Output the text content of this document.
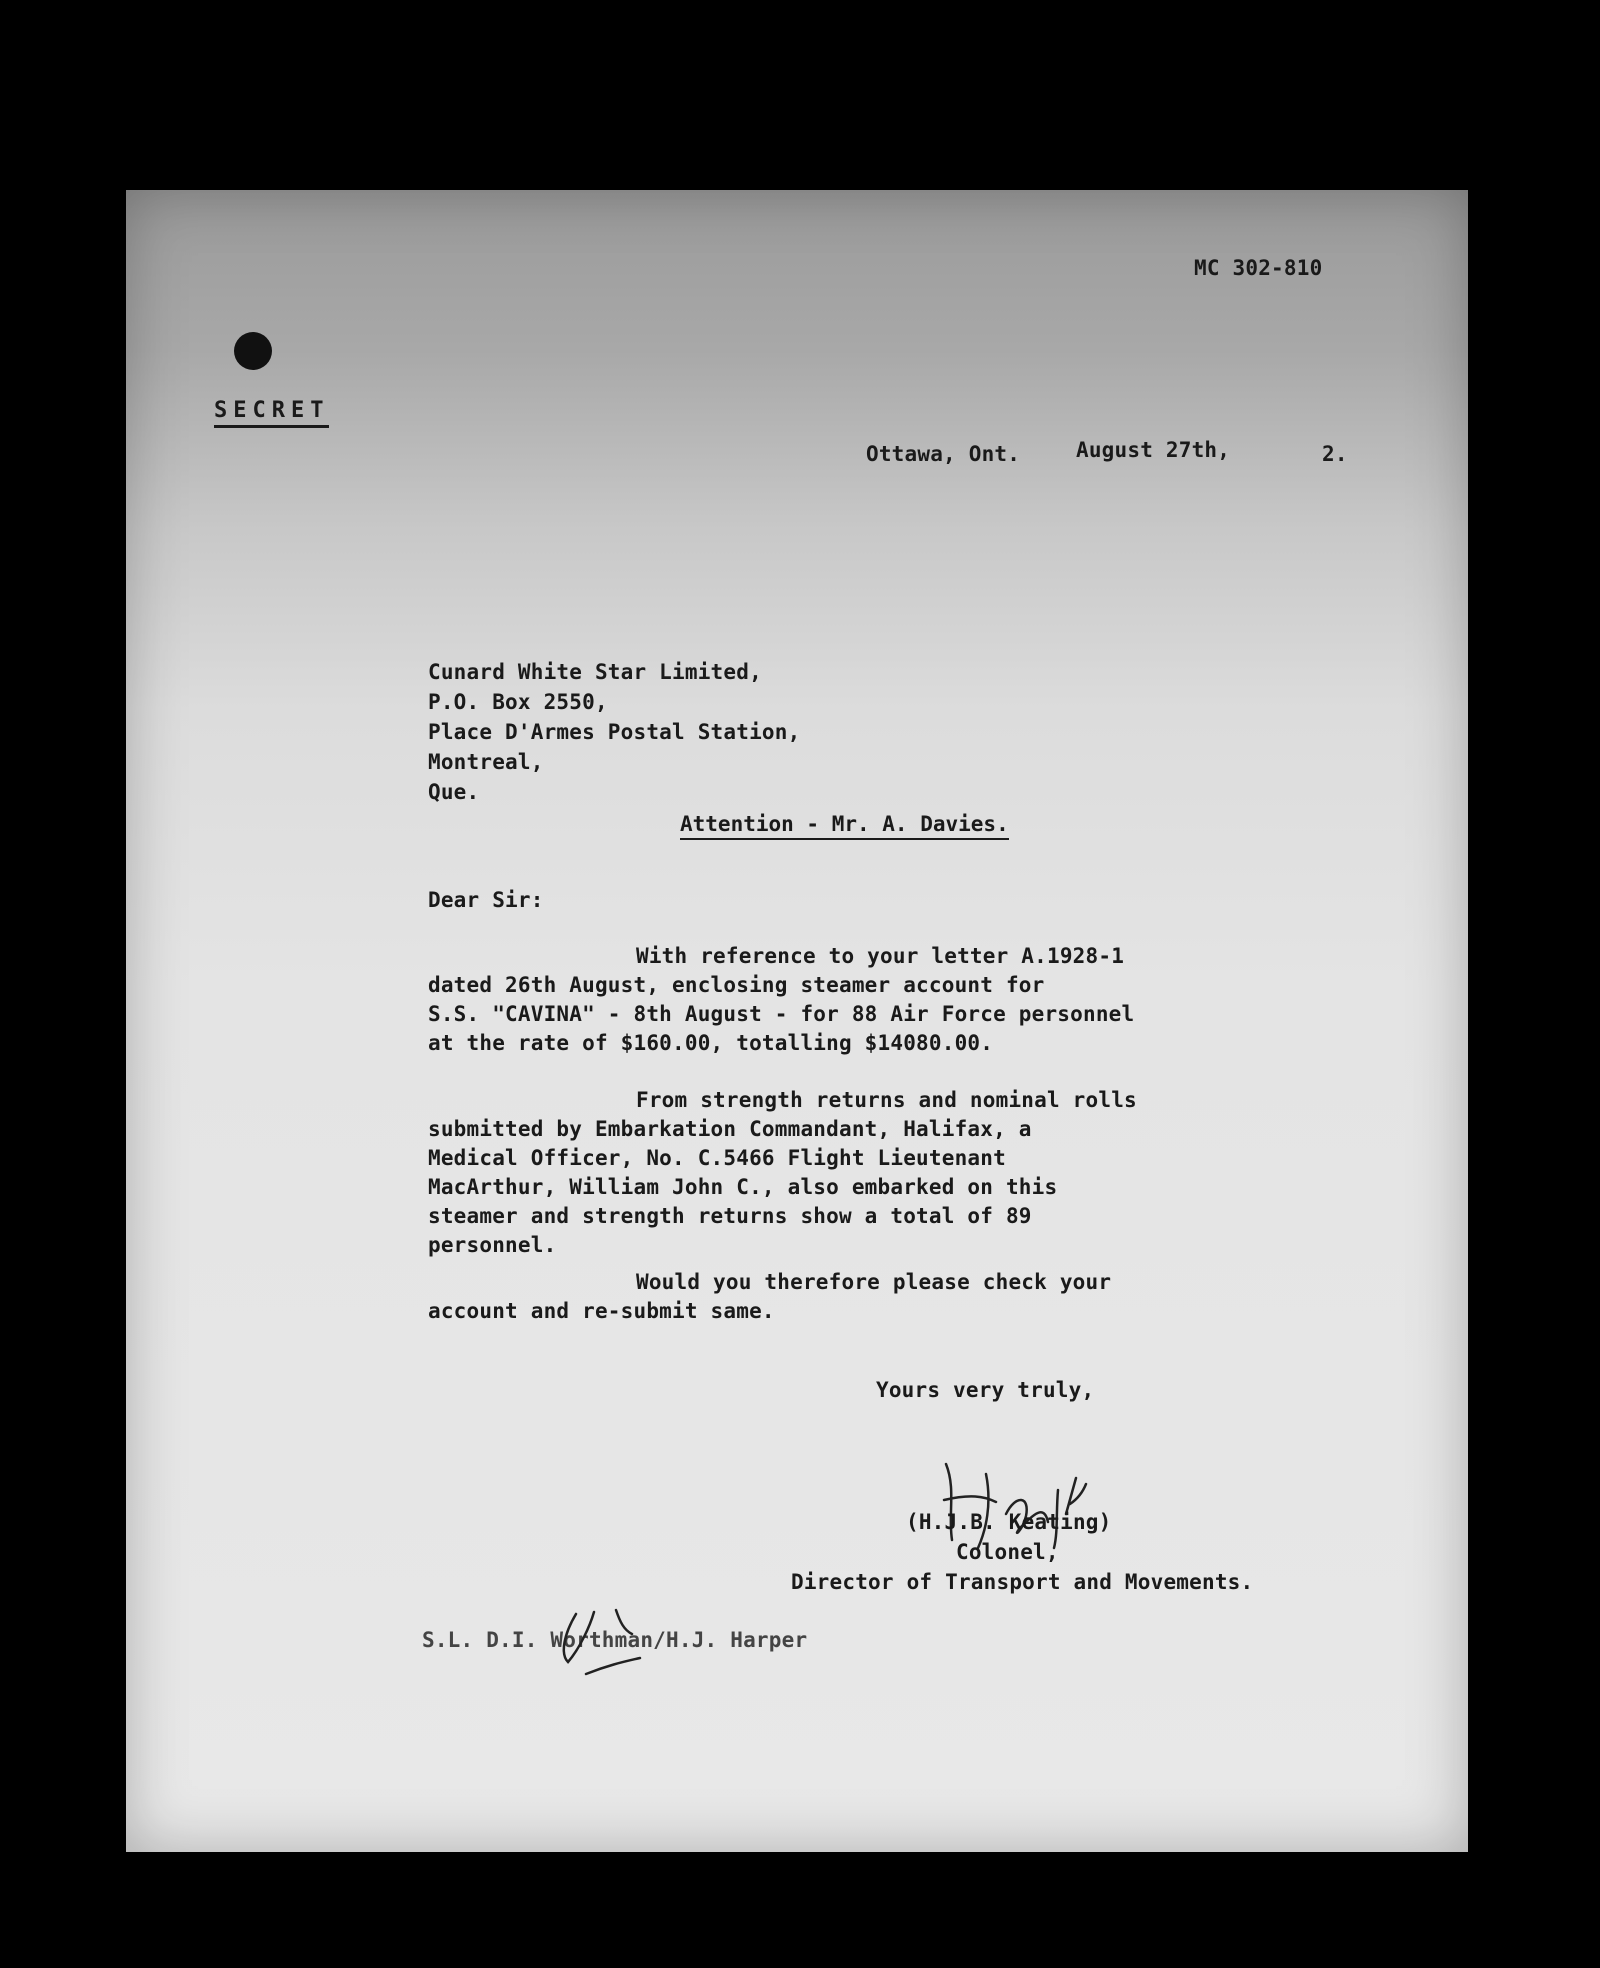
MC 302-810

SECRET

Ottawa, Ont.	August 27th,	2.

Cunard White Star Limited,

P.O. Box 2550,

Place D'Armes Postal Station,

Montreal,

Que.

Attention - Mr. A. Davies.

Dear Sir:

With reference to your letter A.1928-1

dated 26th August, enclosing steamer account for

S.S. "CAVINA" - 8th August - for 88 Air Force personnel

at the rate of $160.00, totalling $14080.00.

From strength returns and nominal rolls

submitted by Embarkation Commandant, Halifax, a

Medical Officer, No. C.5466 Flight Lieutenant

MacArthur, William John C., also embarked on this

steamer and strength returns show a total of 89

personnel.

Would you therefore please check your

account and re-submit same.

Yours very truly,

(H.J.B. Keating)

Colonel,

Director of Transport and Movements.

S.L. D.I. Worthman/H.J. Harper
